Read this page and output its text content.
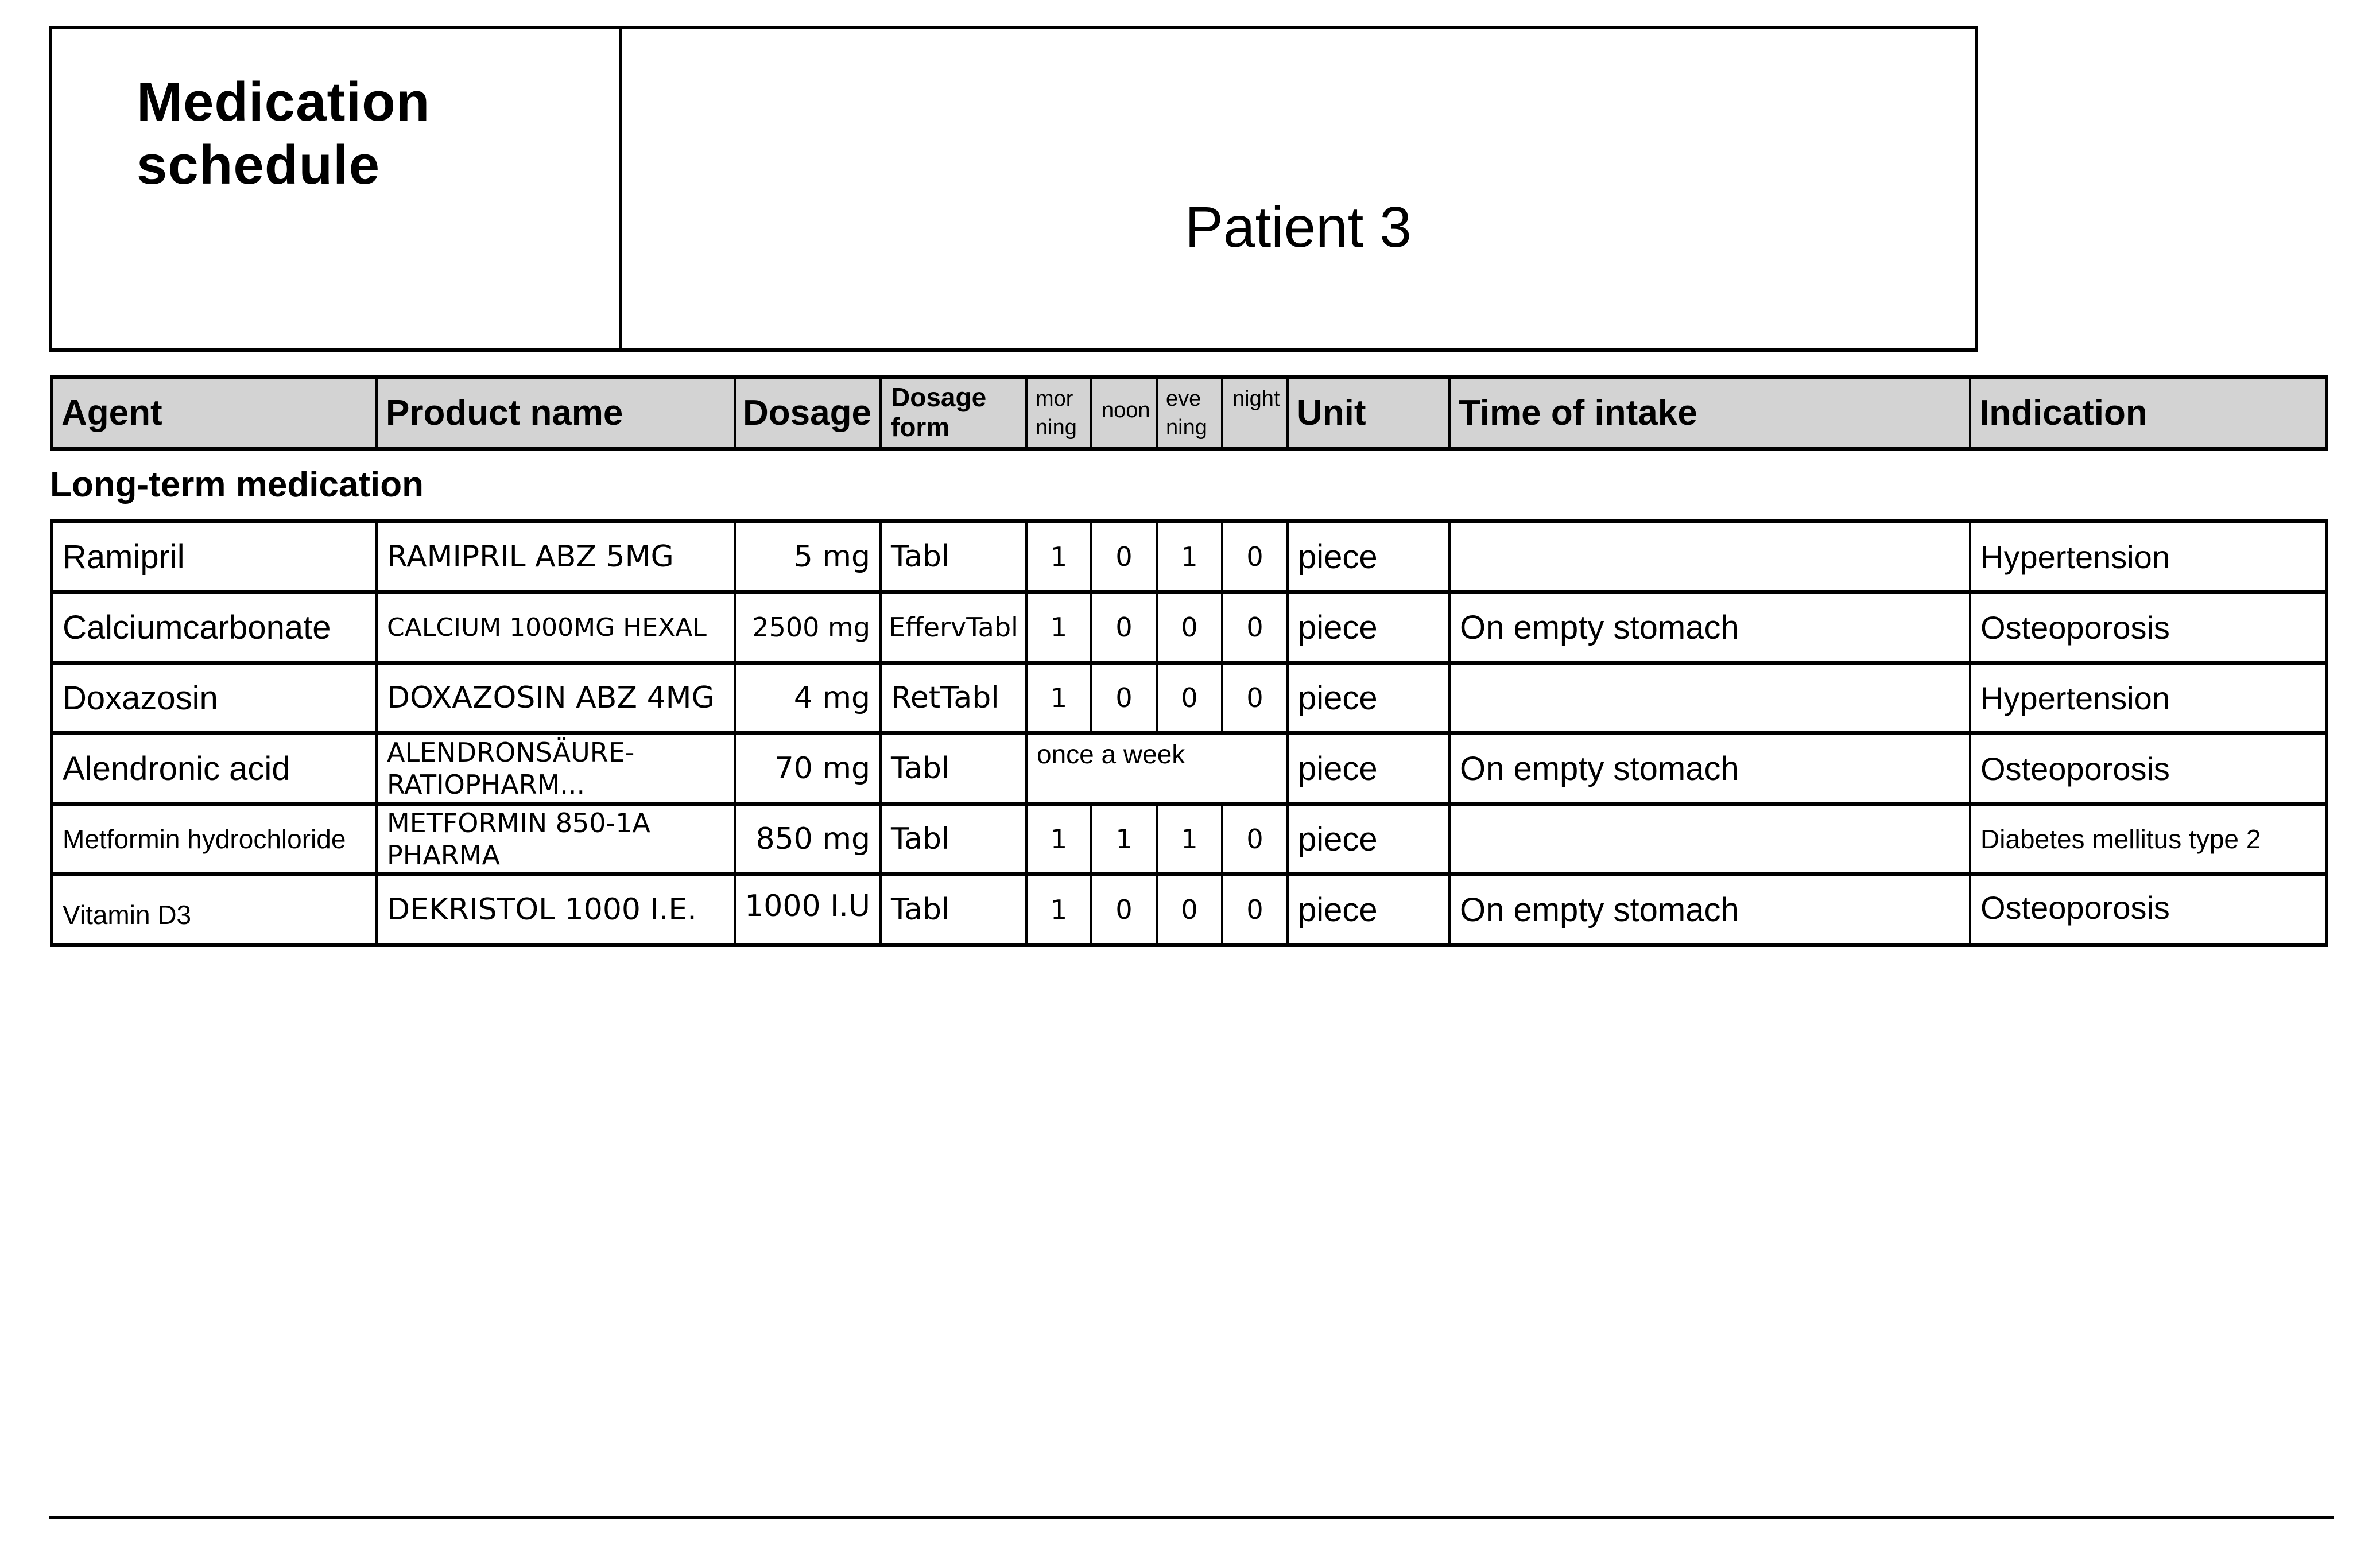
Medication schedule
Patient 3
Agent	Product name	Dosage	Dosage form	mor ning	noon	eve ning	night	Unit	Time of intake	Indication
Long-term medication
Ramipril	RAMIPRIL ABZ 5MG	5 mg	Tabl	1	0	1	0	piece		Hypertension
Calciumcarbonate	CALCIUM 1000MG HEXAL	2500 mg	EffervTabl	1	0	0	0	piece	On empty stomach	Osteoporosis
Doxazosin	DOXAZOSIN ABZ 4MG	4 mg	RetTabl	1	0	0	0	piece		Hypertension
Alendronic acid	ALENDRONSÄURE-RATIOPHARM...	70 mg	Tabl	once a week				piece	On empty stomach	Osteoporosis
Metformin hydrochloride	METFORMIN 850-1A PHARMA	850 mg	Tabl	1	1	1	0	piece		Diabetes mellitus type 2
Vitamin D3	DEKRISTOL 1000 I.E.	1000 I.U	Tabl	1	0	0	0	piece	On empty stomach	Osteoporosis
